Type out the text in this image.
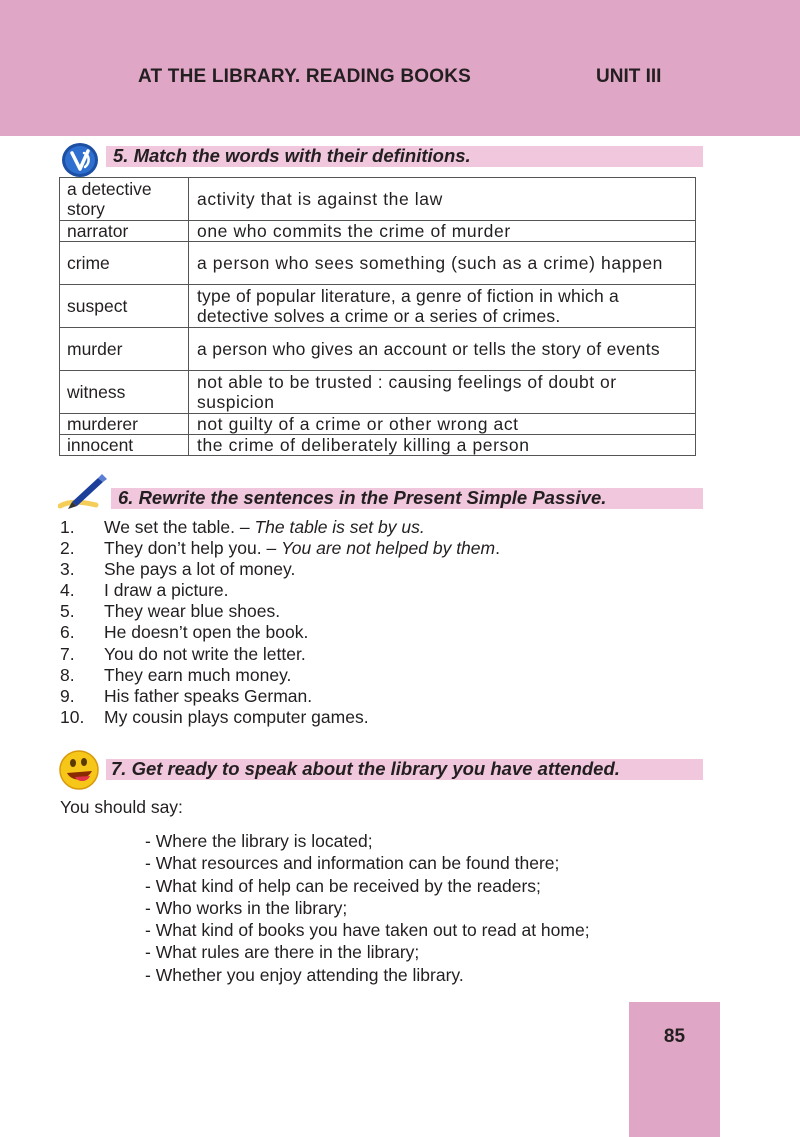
AT THE LIBRARY. READING BOOKS	UNIT III
5. Match the words with their definitions.
a detective story	activity that is against the law
narrator	one who commits the crime of murder
crime	a person who sees something (such as a crime) happen
suspect	type of popular literature, a genre of fiction in which a detective solves a crime or a series of crimes.
murder	a person who gives an account or tells the story of events
witness	not able to be trusted : causing feelings of doubt or suspicion
murderer	not guilty of a crime or other wrong act
innocent	the crime of deliberately killing a person
6. Rewrite the sentences in the Present Simple Passive.
1. We set the table. – The table is set by us.
2. They don’t help you. – You are not helped by them.
3. She pays a lot of money.
4. I draw a picture.
5. They wear blue shoes.
6. He doesn’t open the book.
7. You do not write the letter.
8. They earn much money.
9. His father speaks German.
10. My cousin plays computer games.
7. Get ready to speak about the library you have attended.
You should say:
- Where the library is located;
- What resources and information can be found there;
- What kind of help can be received by the readers;
- Who works in the library;
- What kind of books you have taken out to read at home;
- What rules are there in the library;
- Whether you enjoy attending the library.
85
